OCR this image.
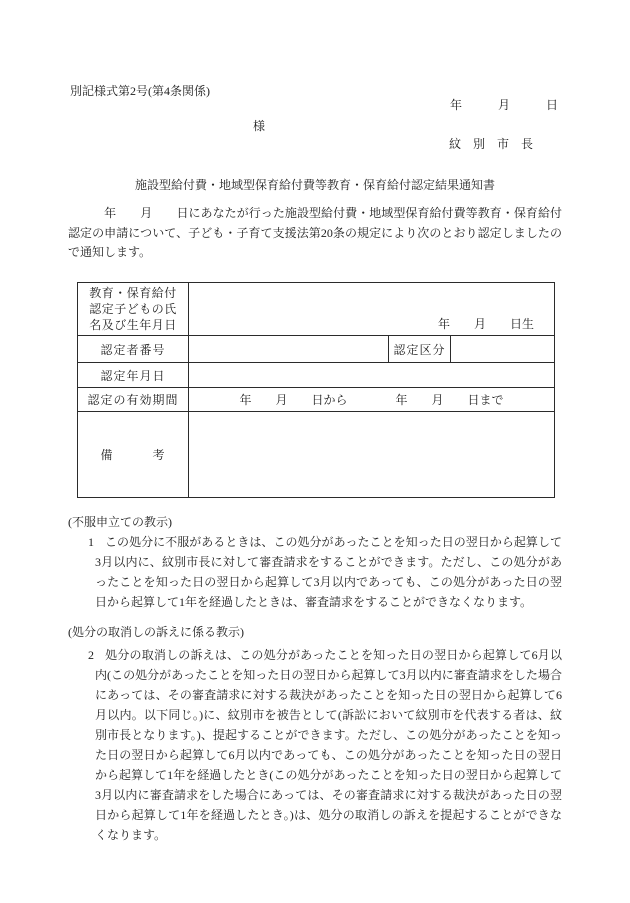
別記様式第2号(第4条関係)
年　　　月　　　日
様
紋　別　市　長
施設型給付費・地域型保育給付費等教育・保育給付認定結果通知書

　　　年　　月　　日にあなたが行った施設型給付費・地域型保育給付費等教育・保育給付認定の申請について、子ども・子育て支援法第20条の規定により次のとおり認定しましたので通知します。

教育・保育給付認定子どもの氏名及び生年月日	年　　月　　日生		
認定者番号		認定区分	
認定年月日			
認定の有効期間	年　　月　　日から　　　　年　　月　　日まで		
備　　　考			

(不服申立ての教示)

1 この処分に不服があるときは、この処分があったことを知った日の翌日から起算して3月以内に、紋別市長に対して審査請求をすることができます。ただし、この処分があったことを知った日の翌日から起算して3月以内であっても、この処分があった日の翌日から起算して1年を経過したときは、審査請求をすることができなくなります。

(処分の取消しの訴えに係る教示)

2 処分の取消しの訴えは、この処分があったことを知った日の翌日から起算して6月以内(この処分があったことを知った日の翌日から起算して3月以内に審査請求をした場合にあっては、その審査請求に対する裁決があったことを知った日の翌日から起算して6月以内。以下同じ。)に、紋別市を被告として(訴訟において紋別市を代表する者は、紋別市長となります。)、提起することができます。ただし、この処分があったことを知った日の翌日から起算して6月以内であっても、この処分があったことを知った日の翌日から起算して1年を経過したとき(この処分があったことを知った日の翌日から起算して3月以内に審査請求をした場合にあっては、その審査請求に対する裁決があった日の翌日から起算して1年を経過したとき。)は、処分の取消しの訴えを提起することができなくなります。
